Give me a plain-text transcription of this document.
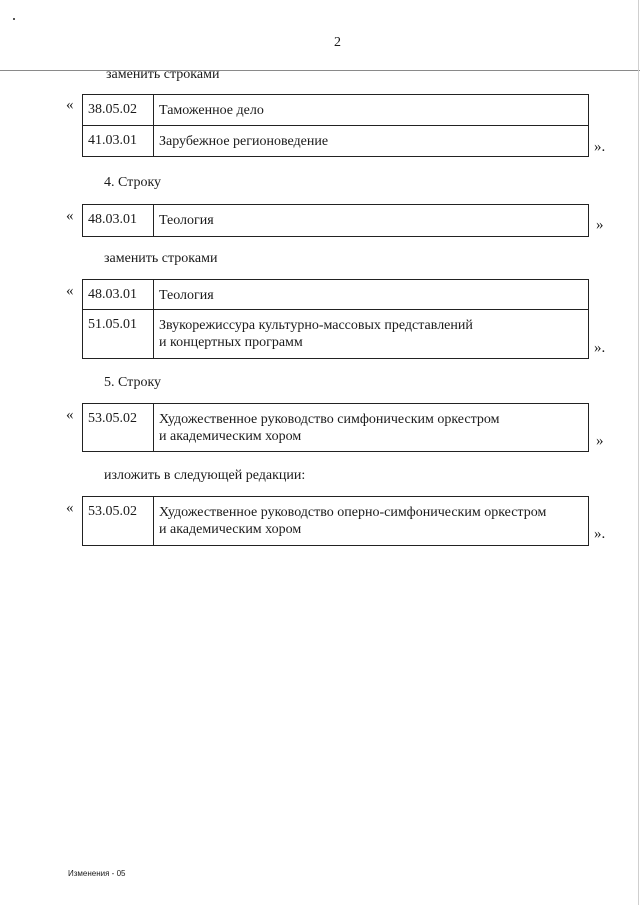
2
заменить строками
« 38.05.02	Таможенное дело
41.03.01	Зарубежное регионоведение	».
4. Строку
« 48.03.01	Теология	»
заменить строками
« 48.03.01	Теология
51.05.01	Звукорежиссура культурно-массовых представлений
и концертных программ	».
5. Строку
« 53.05.02	Художественное руководство симфоническим оркестром
и академическим хором	»
изложить в следующей редакции:
« 53.05.02	Художественное руководство оперно-симфоническим оркестром
и академическим хором	».
Изменения - 05
